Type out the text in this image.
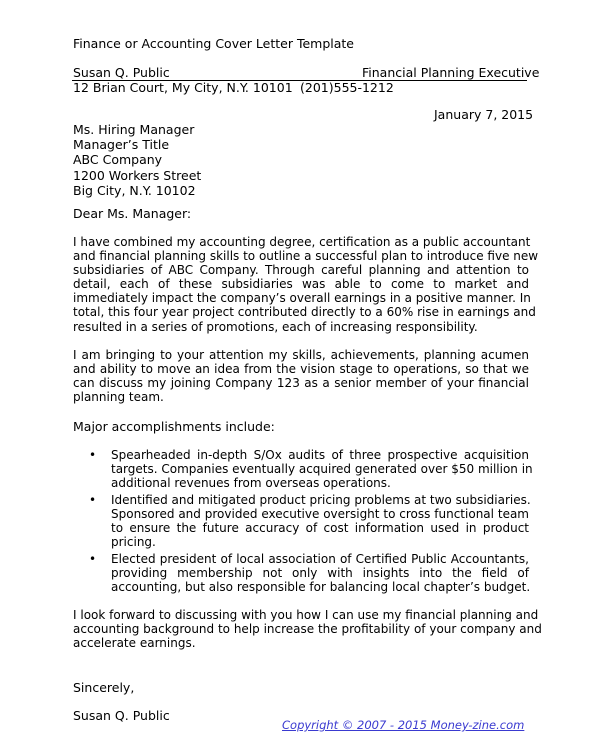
Finance or Accounting Cover Letter Template
Susan Q. Public	Financial Planning Executive
12 Brian Court, My City, N.Y. 10101 (201)555-1212
January 7, 2015
Ms. Hiring Manager
Manager’s Title
ABC Company
1200 Workers Street
Big City, N.Y. 10102
Dear Ms. Manager:
I have combined my accounting degree, certification as a public accountant
and financial planning skills to outline a successful plan to introduce five new
subsidiaries of ABC Company. Through careful planning and attention to
detail, each of these subsidiaries was able to come to market and
immediately impact the company’s overall earnings in a positive manner. In
total, this four year project contributed directly to a 60% rise in earnings and
resulted in a series of promotions, each of increasing responsibility.
I am bringing to your attention my skills, achievements, planning acumen
and ability to move an idea from the vision stage to operations, so that we
can discuss my joining Company 123 as a senior member of your financial
planning team.
Major accomplishments include:
• Spearheaded in-depth S/Ox audits of three prospective acquisition
targets. Companies eventually acquired generated over $50 million in
additional revenues from overseas operations.
• Identified and mitigated product pricing problems at two subsidiaries.
Sponsored and provided executive oversight to cross functional team
to ensure the future accuracy of cost information used in product
pricing.
• Elected president of local association of Certified Public Accountants,
providing membership not only with insights into the field of
accounting, but also responsible for balancing local chapter’s budget.
I look forward to discussing with you how I can use my financial planning and
accounting background to help increase the profitability of your company and
accelerate earnings.
Sincerely,
Susan Q. Public
Copyright © 2007 - 2015 Money-zine.com
